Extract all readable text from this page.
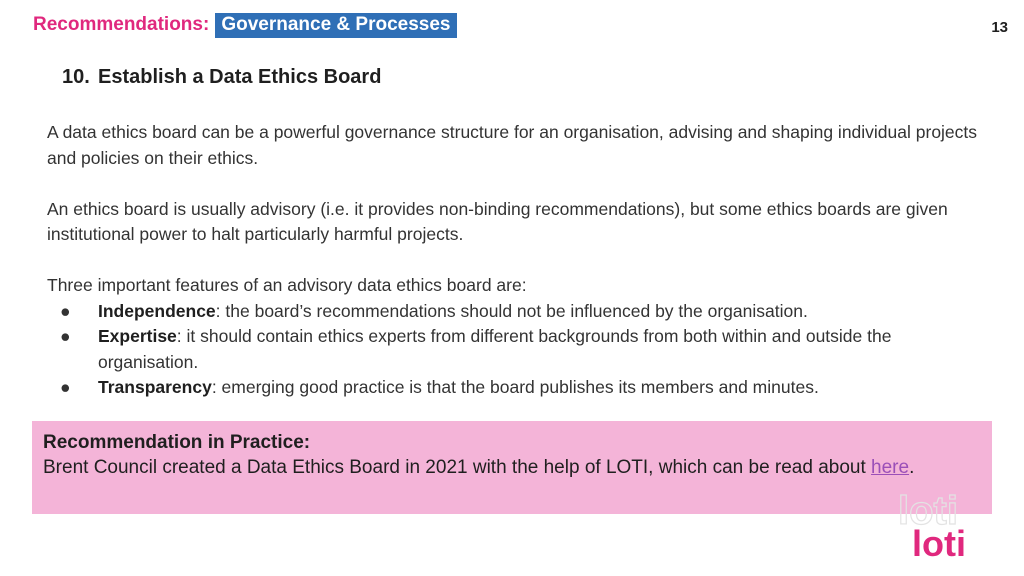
Recommendations: Governance & Processes	13
10. Establish a Data Ethics Board

A data ethics board can be a powerful governance structure for an organisation, advising and shaping individual projects and policies on their ethics.

An ethics board is usually advisory (i.e. it provides non-binding recommendations), but some ethics boards are given institutional power to halt particularly harmful projects.

Three important features of an advisory data ethics board are:

● Independence: the board’s recommendations should not be influenced by the organisation.
● Expertise: it should contain ethics experts from different backgrounds from both within and outside the organisation.
● Transparency: emerging good practice is that the board publishes its members and minutes.
Recommendation in Practice:
Brent Council created a Data Ethics Board in 2021 with the help of LOTI, which can be read about here.
loti
loti
